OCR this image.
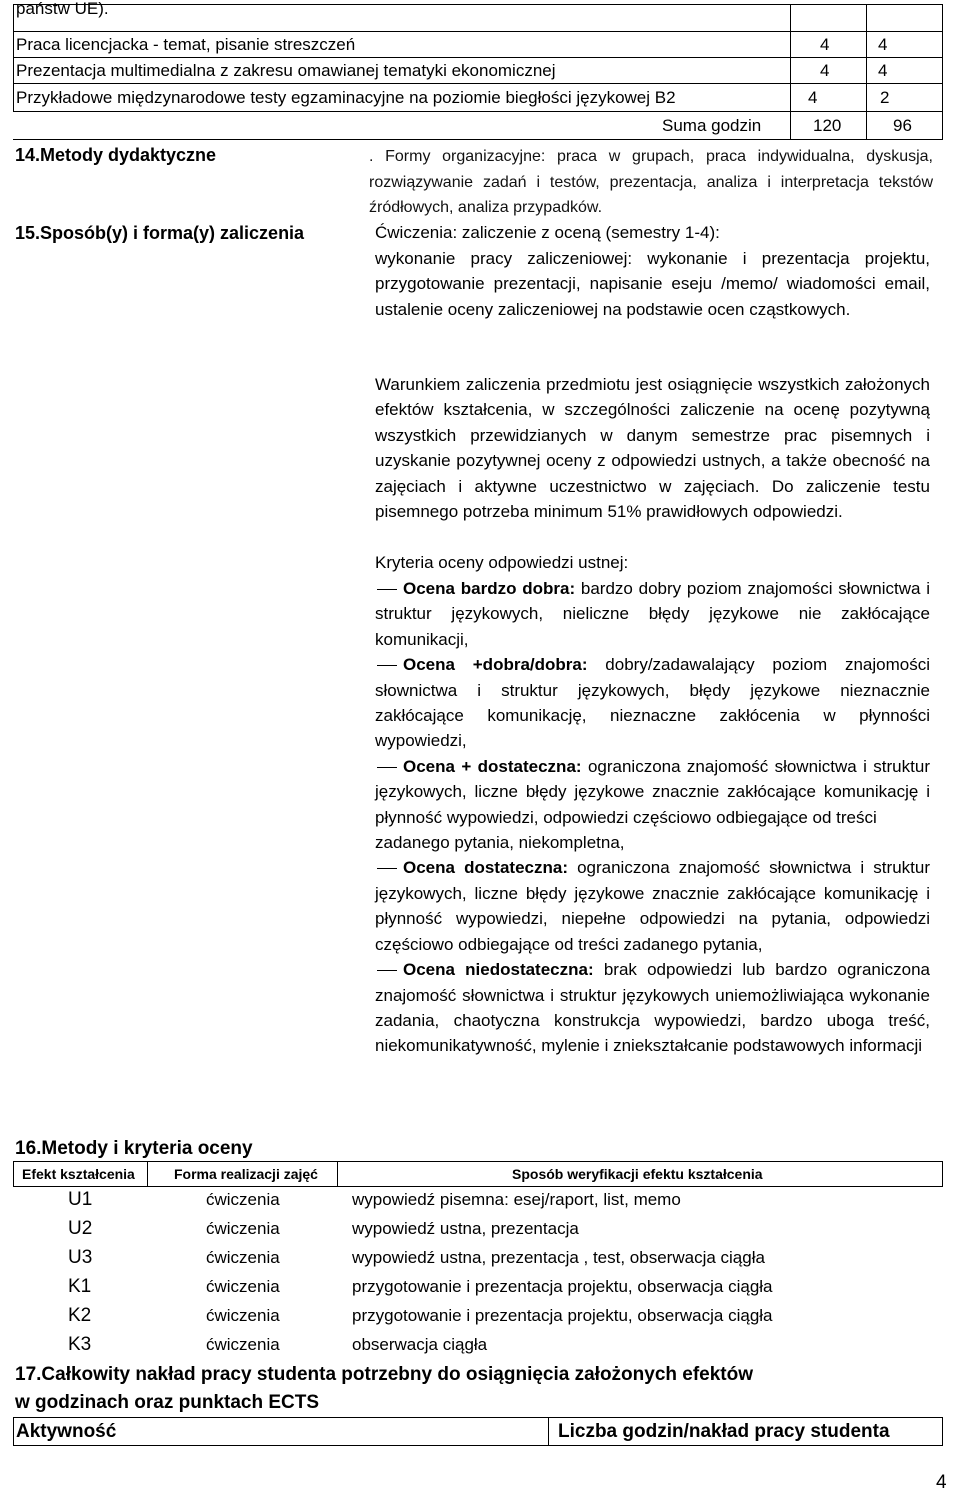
państw UE).
Praca licencjacka - temat, pisanie streszczeń	4	4
Prezentacja multimedialna z zakresu omawianej tematyki ekonomicznej	4	4
Przykładowe międzynarodowe testy egzaminacyjne na poziomie biegłości językowej B2	4	2
Suma godzin	120	96
14.Metody dydaktyczne	. Formy organizacyjne: praca w grupach, praca indywidualna, dyskusja, rozwiązywanie zadań i testów, prezentacja, analiza i interpretacja tekstów źródłowych, analiza przypadków.
15.Sposób(y) i forma(y) zaliczenia	Ćwiczenia: zaliczenie z oceną (semestry 1-4):
wykonanie pracy zaliczeniowej: wykonanie i prezentacja projektu, przygotowanie prezentacji, napisanie eseju /memo/ wiadomości email, ustalenie oceny zaliczeniowej na podstawie ocen cząstkowych.
Warunkiem zaliczenia przedmiotu jest osiągnięcie wszystkich założonych efektów kształcenia, w szczególności zaliczenie na ocenę pozytywną wszystkich przewidzianych w danym semestrze prac pisemnych i uzyskanie pozytywnej oceny z odpowiedzi ustnych, a także obecność na zajęciach i aktywne uczestnictwo w zajęciach. Do zaliczenie testu pisemnego potrzeba minimum 51% prawidłowych odpowiedzi.
Kryteria oceny odpowiedzi ustnej:

Ocena bardzo dobra: bardzo dobry poziom znajomości słownictwa i struktur językowych, nieliczne błędy językowe nie zakłócające komunikacji,

Ocena +dobra/dobra: dobry/zadawalający poziom znajomości słownictwa i struktur językowych, błędy językowe nieznacznie zakłócające komunikację, nieznaczne zakłócenia w płynności wypowiedzi,

Ocena + dostateczna: ograniczona znajomość słownictwa i struktur językowych, liczne błędy językowe znacznie zakłócające komunikację i płynność wypowiedzi, odpowiedzi częściowo odbiegające od treści

zadanego pytania, niekompletna,

Ocena dostateczna: ograniczona znajomość słownictwa i struktur językowych, liczne błędy językowe znacznie zakłócające komunikację i płynność wypowiedzi, niepełne odpowiedzi na pytania, odpowiedzi częściowo odbiegające od treści zadanego pytania,

Ocena niedostateczna: brak odpowiedzi lub bardzo ograniczona znajomość słownictwa i struktur językowych uniemożliwiająca wykonanie zadania, chaotyczna konstrukcja wypowiedzi, bardzo uboga treść, niekomunikatywność, mylenie i zniekształcanie podstawowych informacji

16.Metody i kryteria oceny
Efekt kształcenia	Forma realizacji zajęć	Sposób weryfikacji efektu kształcenia
U1	ćwiczenia	wypowiedź pisemna: esej/raport, list, memo
U2	ćwiczenia	wypowiedź ustna, prezentacja
U3	ćwiczenia	wypowiedź ustna, prezentacja , test, obserwacja ciągła
K1	ćwiczenia	przygotowanie i prezentacja projektu, obserwacja ciągła
K2	ćwiczenia	przygotowanie i prezentacja projektu, obserwacja ciągła
K3	ćwiczenia	obserwacja ciągła
17.Całkowity nakład pracy studenta potrzebny do osiągnięcia założonych efektów
w godzinach oraz punktach ECTS
Aktywność	Liczba godzin/nakład pracy studenta
4
